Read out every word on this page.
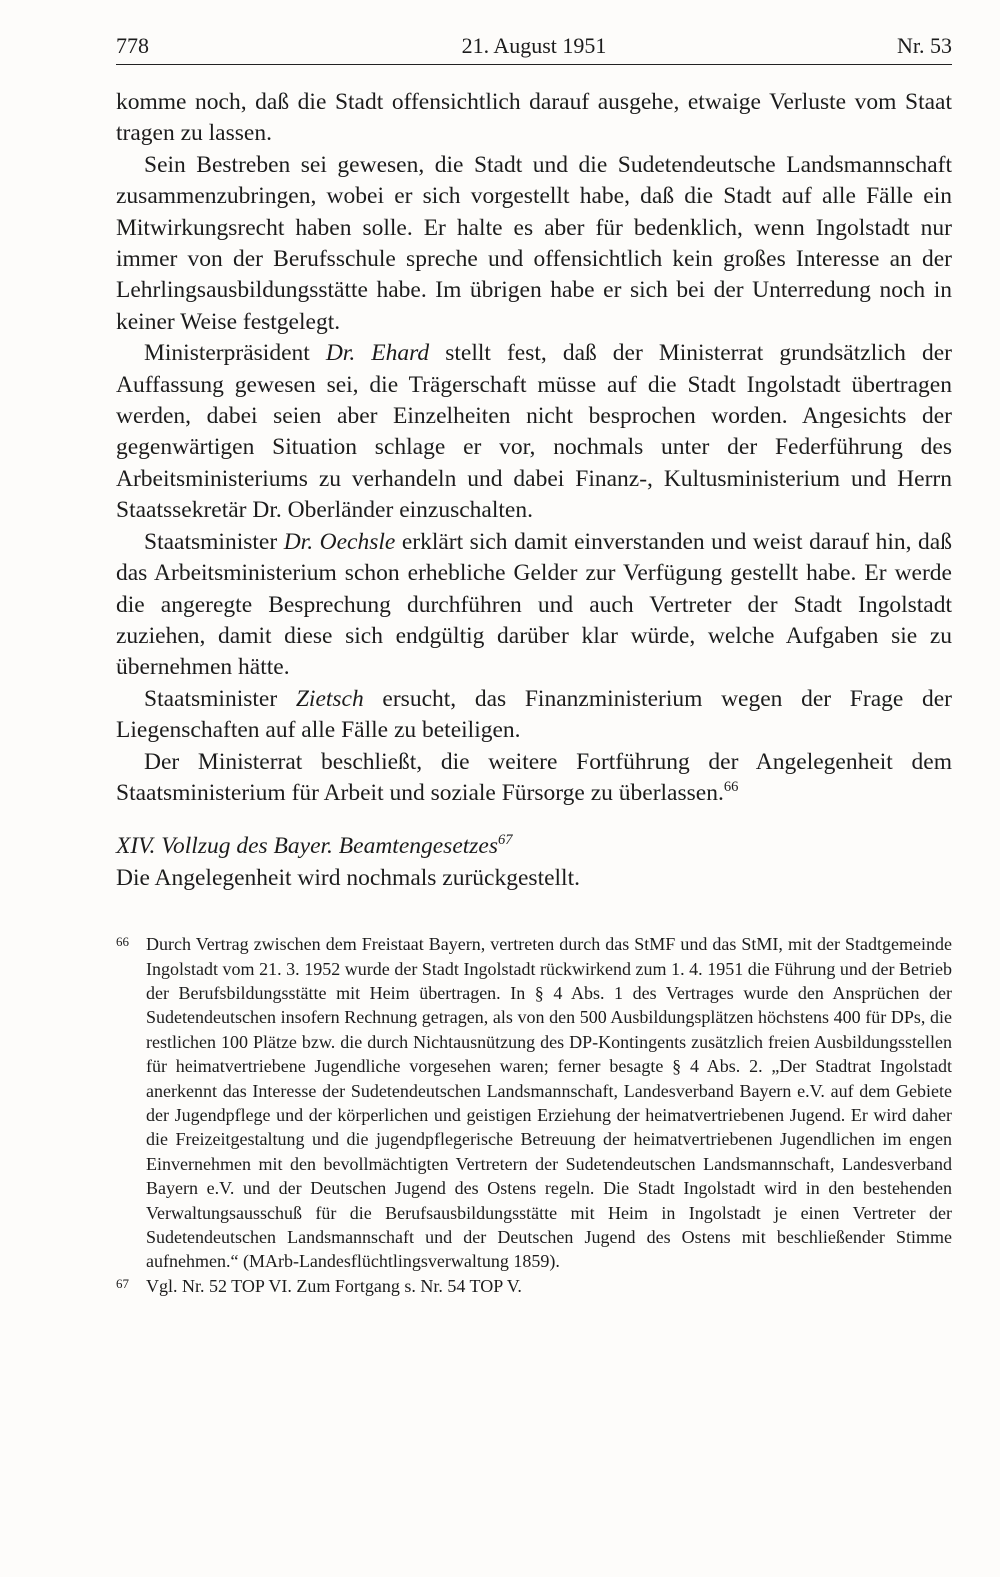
778	21. August 1951	Nr. 53

komme noch, daß die Stadt offensichtlich darauf ausgehe, etwaige Verluste vom Staat tragen zu lassen.

Sein Bestreben sei gewesen, die Stadt und die Sudetendeutsche Landsmannschaft zusammenzubringen, wobei er sich vorgestellt habe, daß die Stadt auf alle Fälle ein Mitwirkungsrecht haben solle. Er halte es aber für bedenklich, wenn Ingolstadt nur immer von der Berufsschule spreche und offensichtlich kein großes Interesse an der Lehrlingsausbildungsstätte habe. Im übrigen habe er sich bei der Unterredung noch in keiner Weise festgelegt.

Ministerpräsident Dr. Ehard stellt fest, daß der Ministerrat grundsätzlich der Auffassung gewesen sei, die Trägerschaft müsse auf die Stadt Ingolstadt übertragen werden, dabei seien aber Einzelheiten nicht besprochen worden. Angesichts der gegenwärtigen Situation schlage er vor, nochmals unter der Federführung des Arbeitsministeriums zu verhandeln und dabei Finanz-, Kultusministerium und Herrn Staatssekretär Dr. Oberländer einzuschalten.

Staatsminister Dr. Oechsle erklärt sich damit einverstanden und weist darauf hin, daß das Arbeitsministerium schon erhebliche Gelder zur Verfügung gestellt habe. Er werde die angeregte Besprechung durchführen und auch Vertreter der Stadt Ingolstadt zuziehen, damit diese sich endgültig darüber klar würde, welche Aufgaben sie zu übernehmen hätte.

Staatsminister Zietsch ersucht, das Finanzministerium wegen der Frage der Liegenschaften auf alle Fälle zu beteiligen.

Der Ministerrat beschließt, die weitere Fortführung der Angelegenheit dem Staatsministerium für Arbeit und soziale Fürsorge zu überlassen.$^{66}$

XIV. Vollzug des Bayer. Beamtengesetzes$^{67}$

Die Angelegenheit wird nochmals zurückgestellt.

66 Durch Vertrag zwischen dem Freistaat Bayern, vertreten durch das StMF und das StMI, mit der Stadtgemeinde Ingolstadt vom 21. 3. 1952 wurde der Stadt Ingolstadt rückwirkend zum 1. 4. 1951 die Führung und der Betrieb der Berufsbildungsstätte mit Heim übertragen. In § 4 Abs. 1 des Vertrages wurde den Ansprüchen der Sudetendeutschen insofern Rechnung getragen, als von den 500 Ausbildungsplätzen höchstens 400 für DPs, die restlichen 100 Plätze bzw. die durch Nichtausnützung des DP-Kontingents zusätzlich freien Ausbildungsstellen für heimatvertriebene Jugendliche vorgesehen waren; ferner besagte § 4 Abs. 2. „Der Stadtrat Ingolstadt anerkennt das Interesse der Sudetendeutschen Landsmannschaft, Landesverband Bayern e.V. auf dem Gebiete der Jugendpflege und der körperlichen und geistigen Erziehung der heimatvertriebenen Jugend. Er wird daher die Freizeitgestaltung und die jugendpflegerische Betreuung der heimatvertriebenen Jugendlichen im engen Einvernehmen mit den bevollmächtigten Vertretern der Sudetendeutschen Landsmannschaft, Landesverband Bayern e.V. und der Deutschen Jugend des Ostens regeln. Die Stadt Ingolstadt wird in den bestehenden Verwaltungsausschuß für die Berufsausbildungsstätte mit Heim in Ingolstadt je einen Vertreter der Sudetendeutschen Landsmannschaft und der Deutschen Jugend des Ostens mit beschließender Stimme aufnehmen.“ (MArb-Landesflüchtlingsverwaltung 1859).

67 Vgl. Nr. 52 TOP VI. Zum Fortgang s. Nr. 54 TOP V.
